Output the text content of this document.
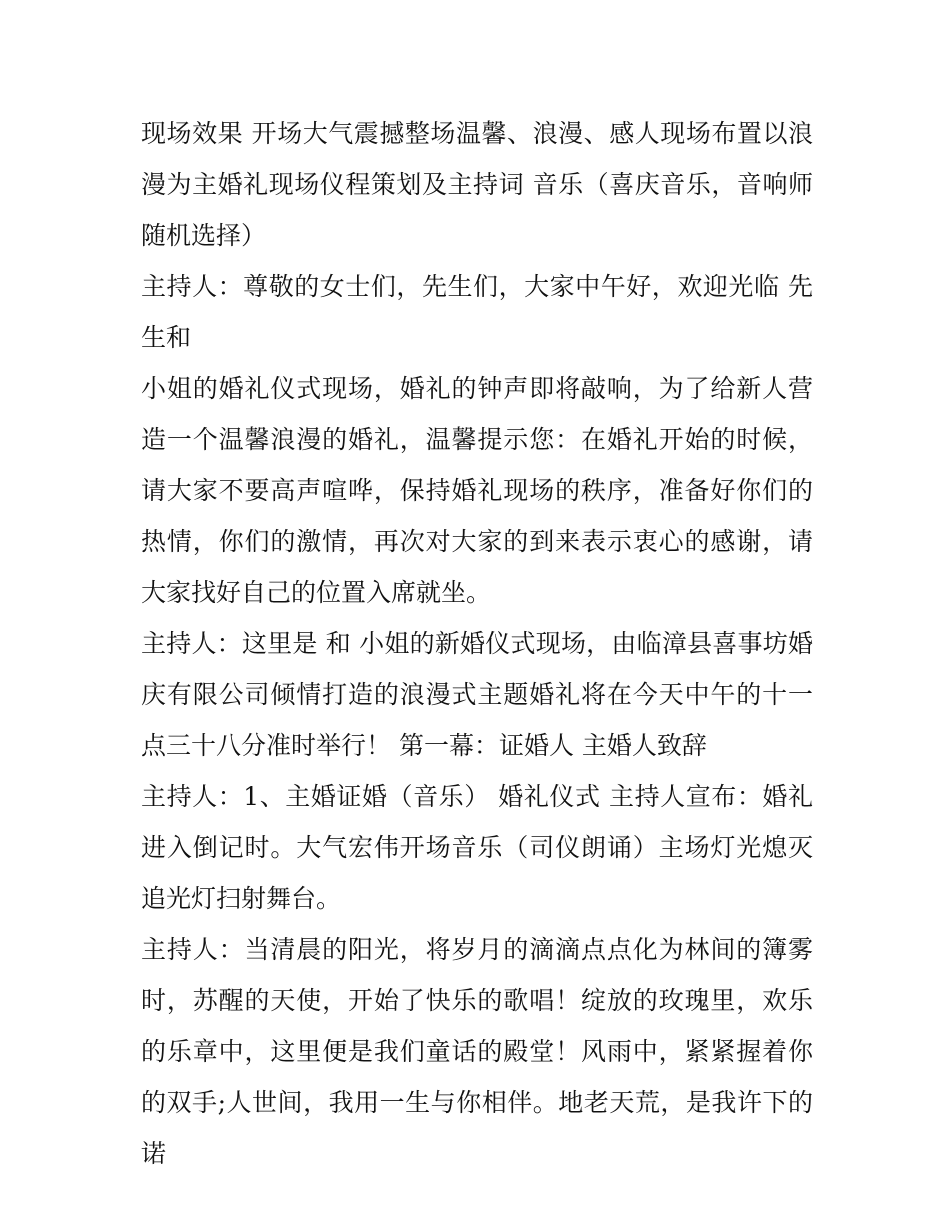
现场效果 开场大气震撼整场温馨、浪漫、感人现场布置以浪漫为主婚礼现场仪程策划及主持词 音乐（喜庆音乐，音响师随机选择）

主持人：尊敬的女士们，先生们，大家中午好，欢迎光临 先生和

小姐的婚礼仪式现场，婚礼的钟声即将敲响，为了给新人营造一个温馨浪漫的婚礼，温馨提示您：在婚礼开始的时候，请大家不要高声喧哗，保持婚礼现场的秩序，准备好你们的热情，你们的激情，再次对大家的到来表示衷心的感谢，请大家找好自己的位置入席就坐。

主持人：这里是 和 小姐的新婚仪式现场，由临漳县喜事坊婚庆有限公司倾情打造的浪漫式主题婚礼将在今天中午的十一点三十八分准时举行！ 第一幕：证婚人 主婚人致辞

主持人：1、主婚证婚（音乐） 婚礼仪式 主持人宣布：婚礼进入倒记时。大气宏伟开场音乐（司仪朗诵）主场灯光熄灭追光灯扫射舞台。

主持人：当清晨的阳光，将岁月的滴滴点点化为林间的簿雾时，苏醒的天使，开始了快乐的歌唱！绽放的玫瑰里，欢乐的乐章中，这里便是我们童话的殿堂！风雨中，紧紧握着你的双手;人世间，我用一生与你相伴。地老天荒，是我许下的诺
